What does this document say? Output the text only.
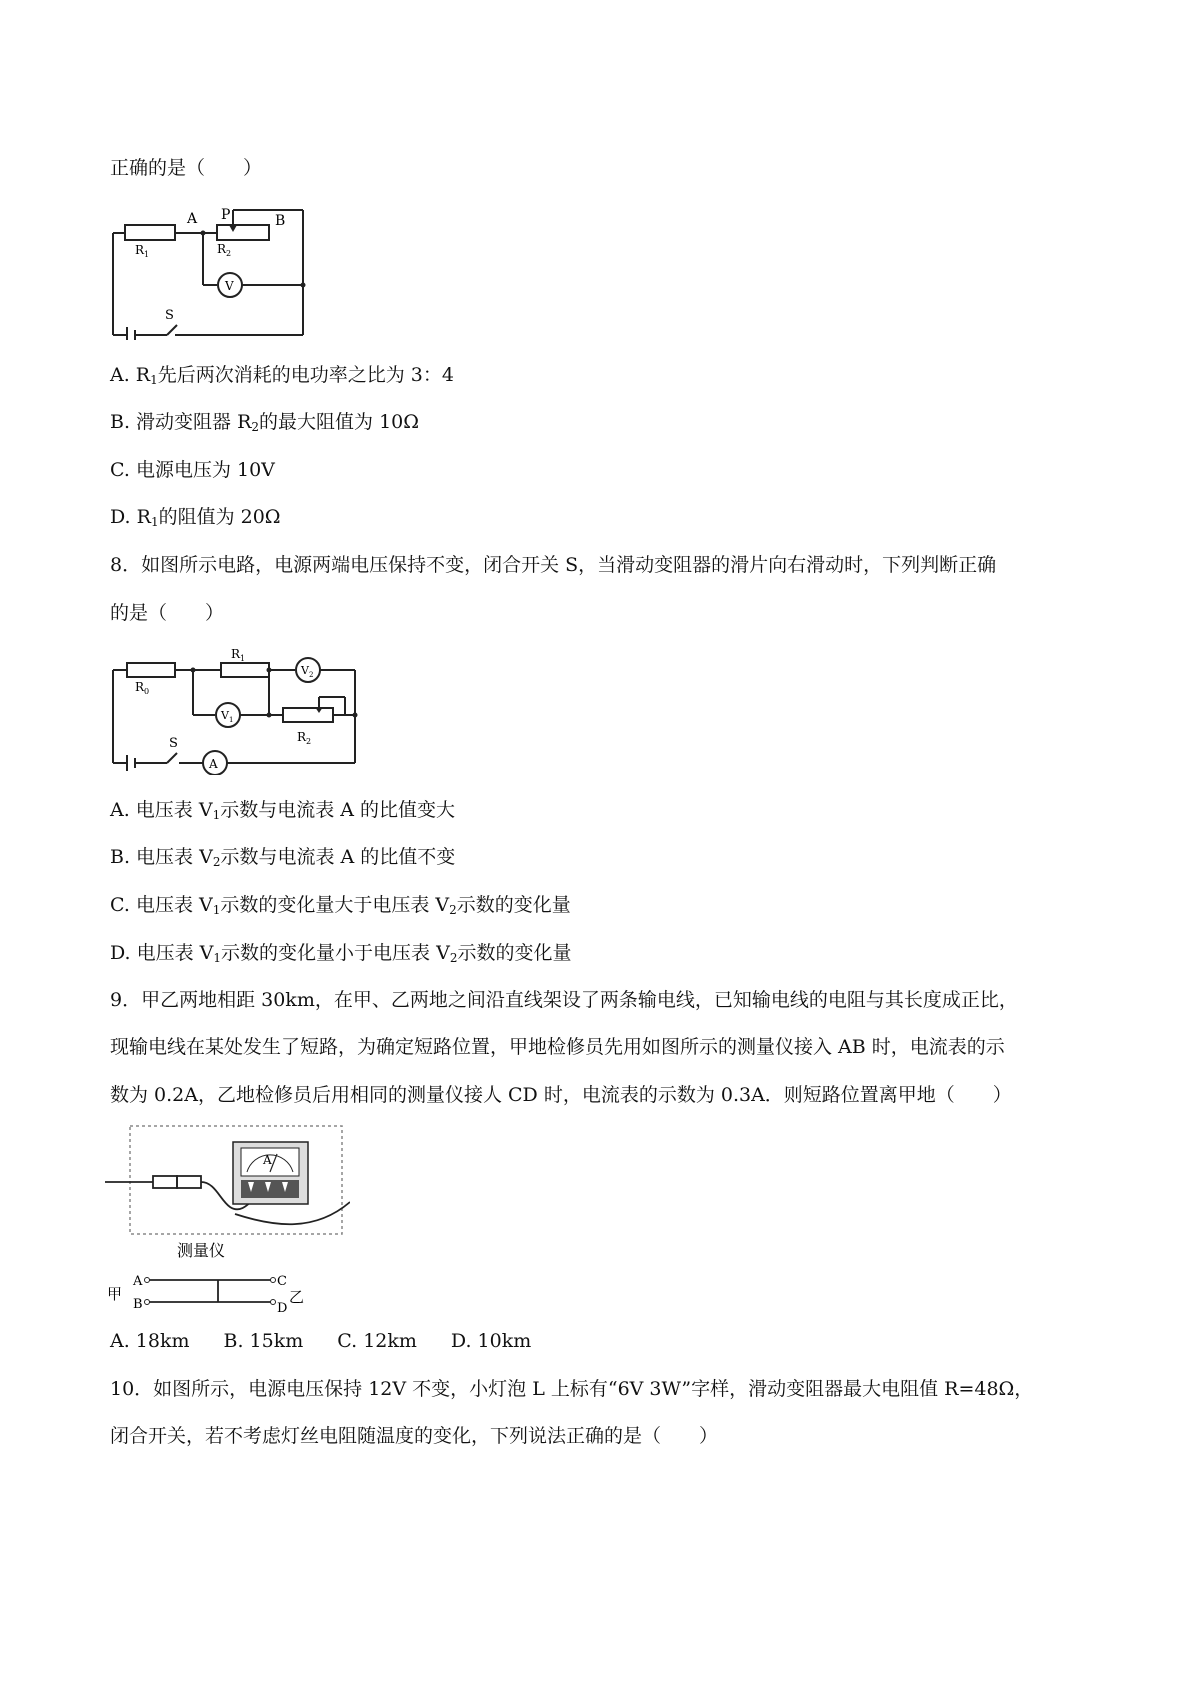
正确的是（　　）
A P	B
R 1	R 2
V
S
A. $R_1$先后两次消耗的电功率之比为 3：4
B. 滑动变阻器 $R_2$的最大阻值为 10Ω
C. 电源电压为 10V
D. $R_1$的阻值为 20Ω
8．如图所示电路，电源两端电压保持不变，闭合开关 S，当滑动变阻器的滑片向右滑动时，下列判断正确
的是（　　）
R 0
R 1
V 2
V 1
R 2
A
S
A. 电压表 $V_1$示数与电流表 A 的比值变大
B. 电压表 $V_2$示数与电流表 A 的比值不变
C. 电压表 $V_1$示数的变化量大于电压表 $V_2$示数的变化量
D. 电压表 $V_1$示数的变化量小于电压表 $V_2$示数的变化量
9．甲乙两地相距 30km，在甲、乙两地之间沿直线架设了两条输电线，已知输电线的电阻与其长度成正比，
现输电线在某处发生了短路，为确定短路位置，甲地检修员先用如图所示的测量仪接入 AB 时，电流表的示
数为 0.2A，乙地检修员后用相同的测量仪接人 CD 时，电流表的示数为 0.3A．则短路位置离甲地（　　）
A
测量仪
A
B
C
D
甲	乙
A. 18km B. 15km C. 12km D. 10km
10．如图所示，电源电压保持 12V 不变，小灯泡 L 上标有“6V 3W”字样，滑动变阻器最大电阻值 R=48Ω，
闭合开关，若不考虑灯丝电阻随温度的变化，下列说法正确的是（　　）
